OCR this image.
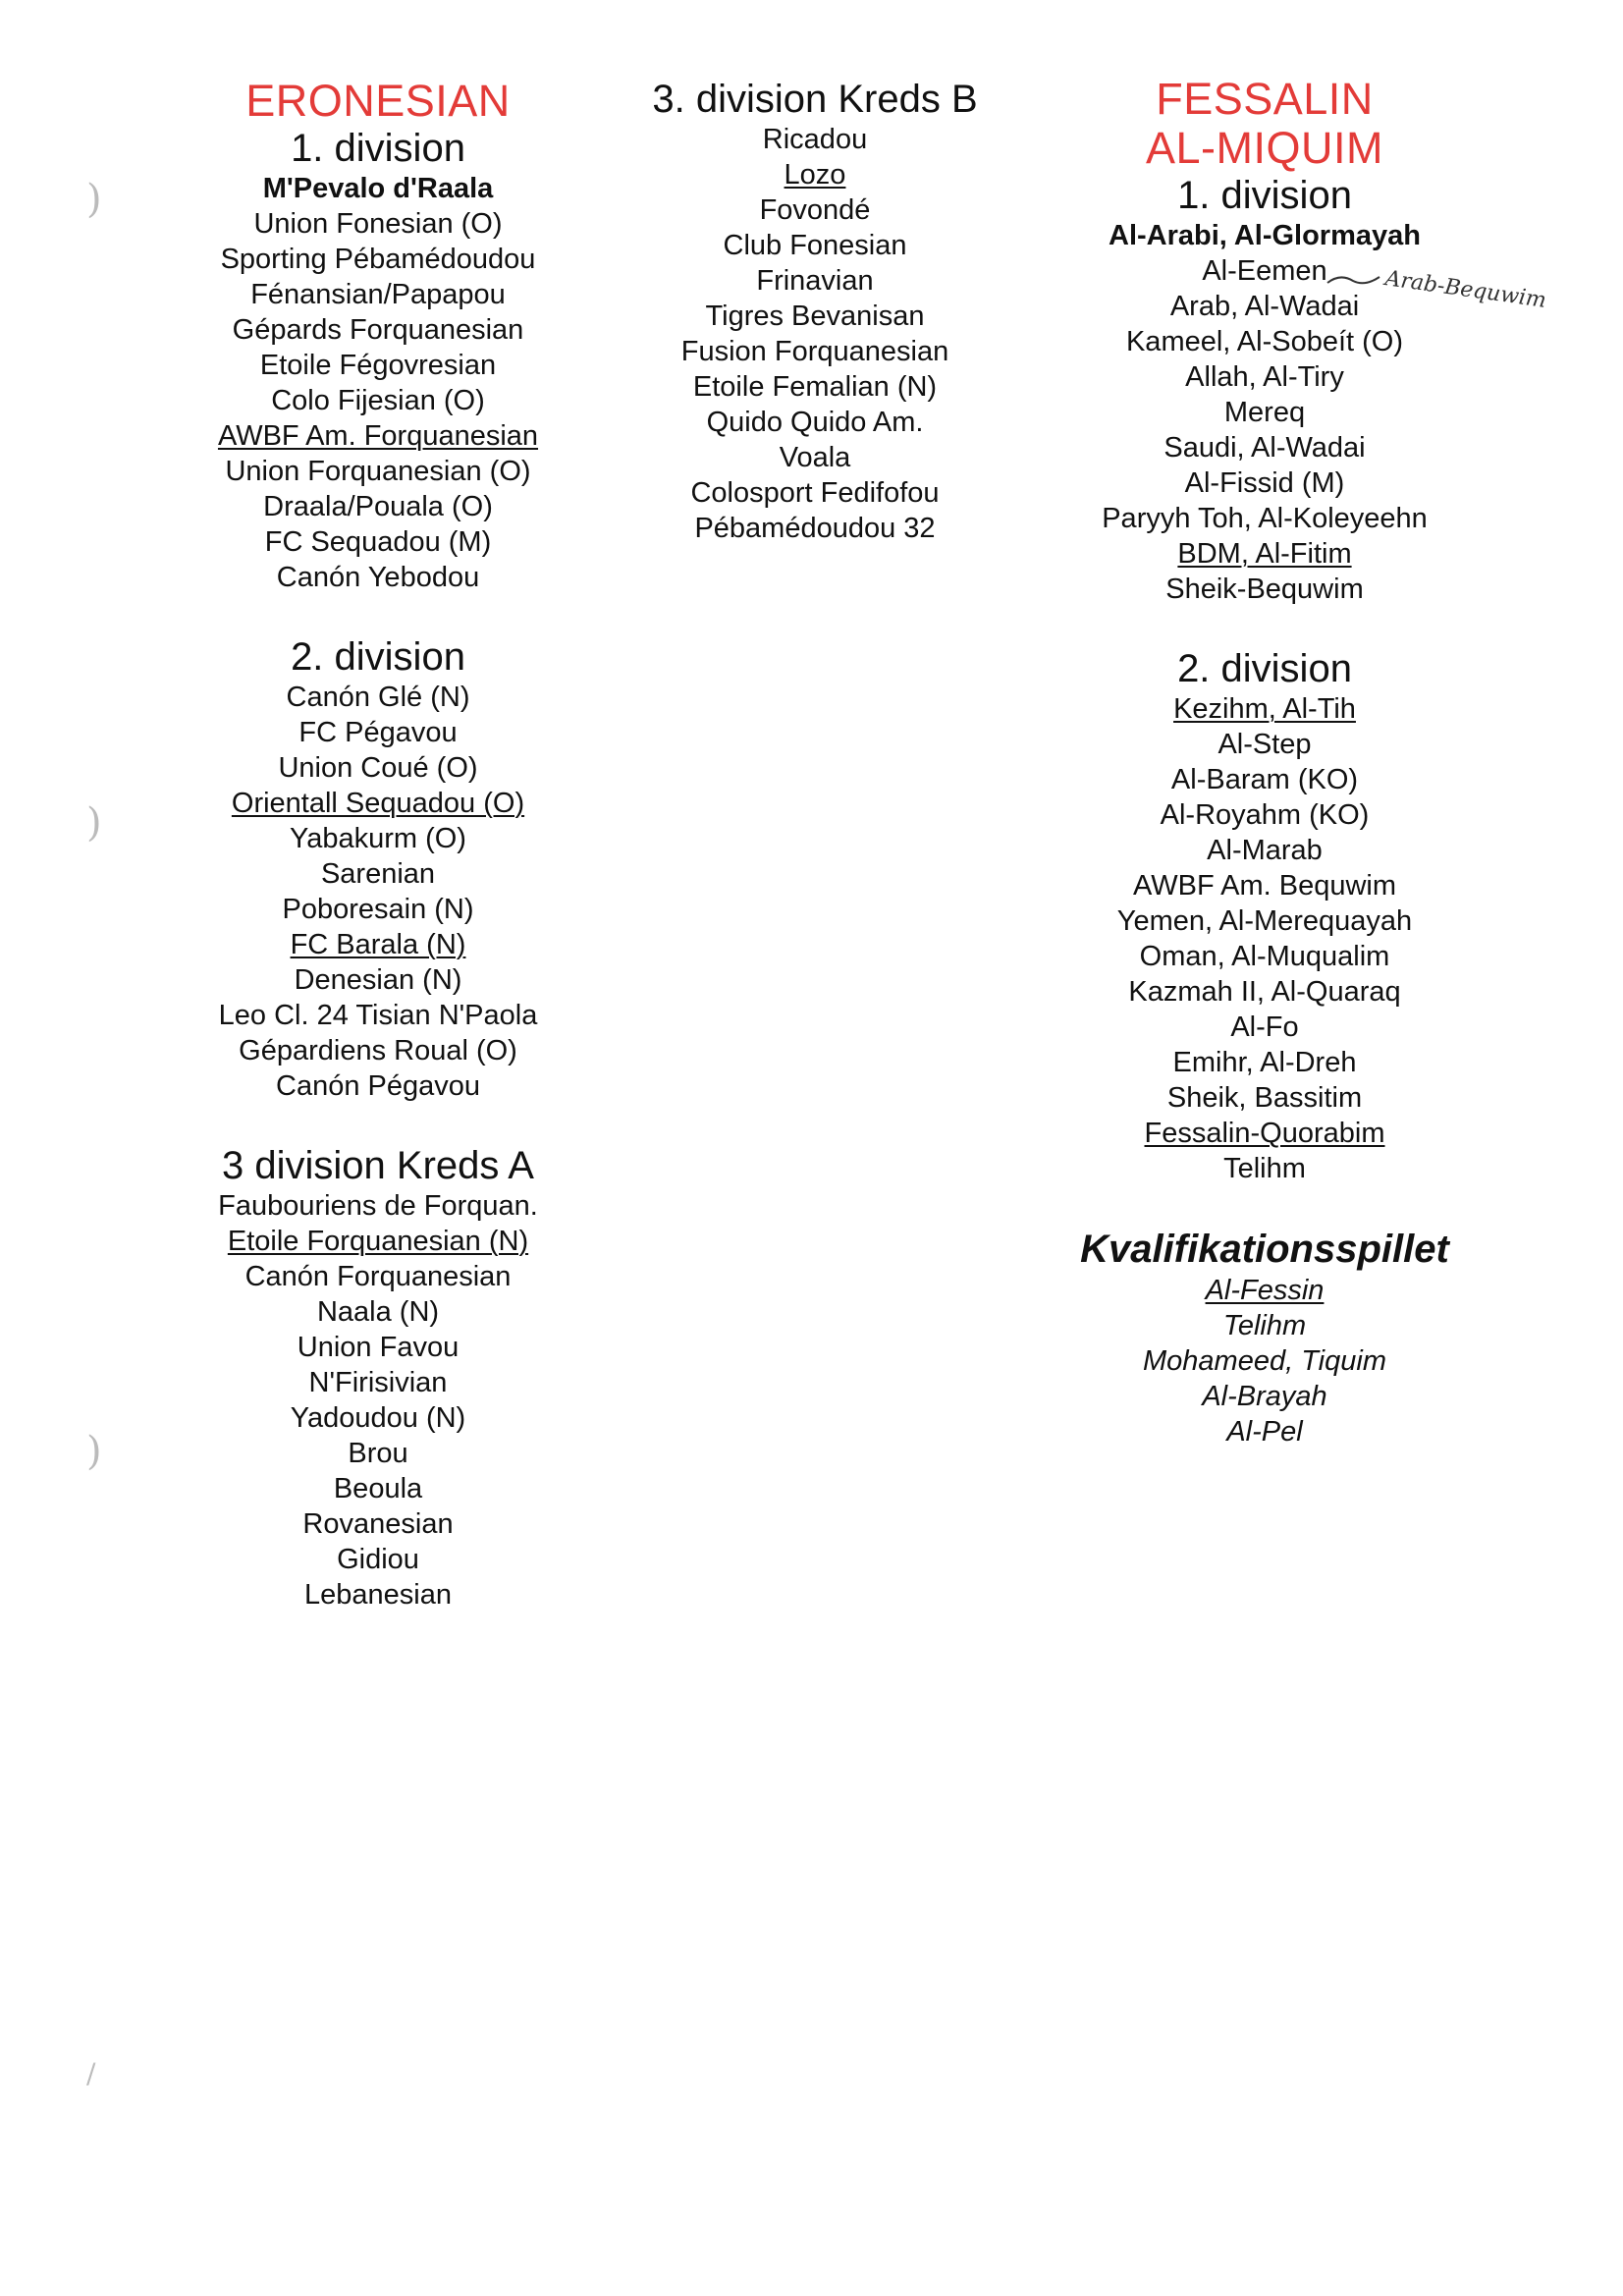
)
)
)
/
ERONESIAN
1. division
M'Pevalo d'Raala
Union Fonesian (O)
Sporting Pébamédoudou
Fénansian/Papapou
Gépards Forquanesian
Etoile Fégovresian
Colo Fijesian (O)
AWBF Am. Forquanesian
Union Forquanesian (O)
Draala/Pouala (O)
FC Sequadou (M)
Canón Yebodou
2. division
Canón Glé (N)
FC Pégavou
Union Coué (O)
Orientall Sequadou (O)
Yabakurm (O)
Sarenian
Poboresain (N)
FC Barala (N)
Denesian (N)
Leo Cl. 24 Tisian N'Paola
Gépardiens Roual (O)
Canón Pégavou
3 division Kreds A
Faubouriens de Forquan.
Etoile Forquanesian (N)
Canón Forquanesian
Naala (N)
Union Favou
N'Firisivian
Yadoudou (N)
Brou
Beoula
Rovanesian
Gidiou
Lebanesian
3. division Kreds B
Ricadou
Lozo
Fovondé
Club Fonesian
Frinavian
Tigres Bevanisan
Fusion Forquanesian
Etoile Femalian (N)
Quido Quido Am.
Voala
Colosport Fedifofou
Pébamédoudou 32
FESSALIN
AL-MIQUIM
1. division
Al-Arabi, Al-Glormayah
Al-Eemen
Arab, Al-Wadai
Kameel, Al-Sobeít (O)
Allah, Al-Tiry
Mereq
Saudi, Al-Wadai
Al-Fissid (M)
Paryyh Toh, Al-Koleyeehn
BDM, Al-Fitim
Sheik-Bequwim
2. division
Kezihm, Al-Tih
Al-Step
Al-Baram (KO)
Al-Royahm (KO)
Al-Marab
AWBF Am. Bequwim
Yemen, Al-Merequayah
Oman, Al-Muqualim
Kazmah II, Al-Quaraq
Al-Fo
Emihr, Al-Dreh
Sheik, Bassitim
Fessalin-Quorabim
Telihm
Kvalifikationsspillet
Al-Fessin
Telihm
Mohameed, Tiquim
Al-Brayah
Al-Pel
Arab-Bequwim
